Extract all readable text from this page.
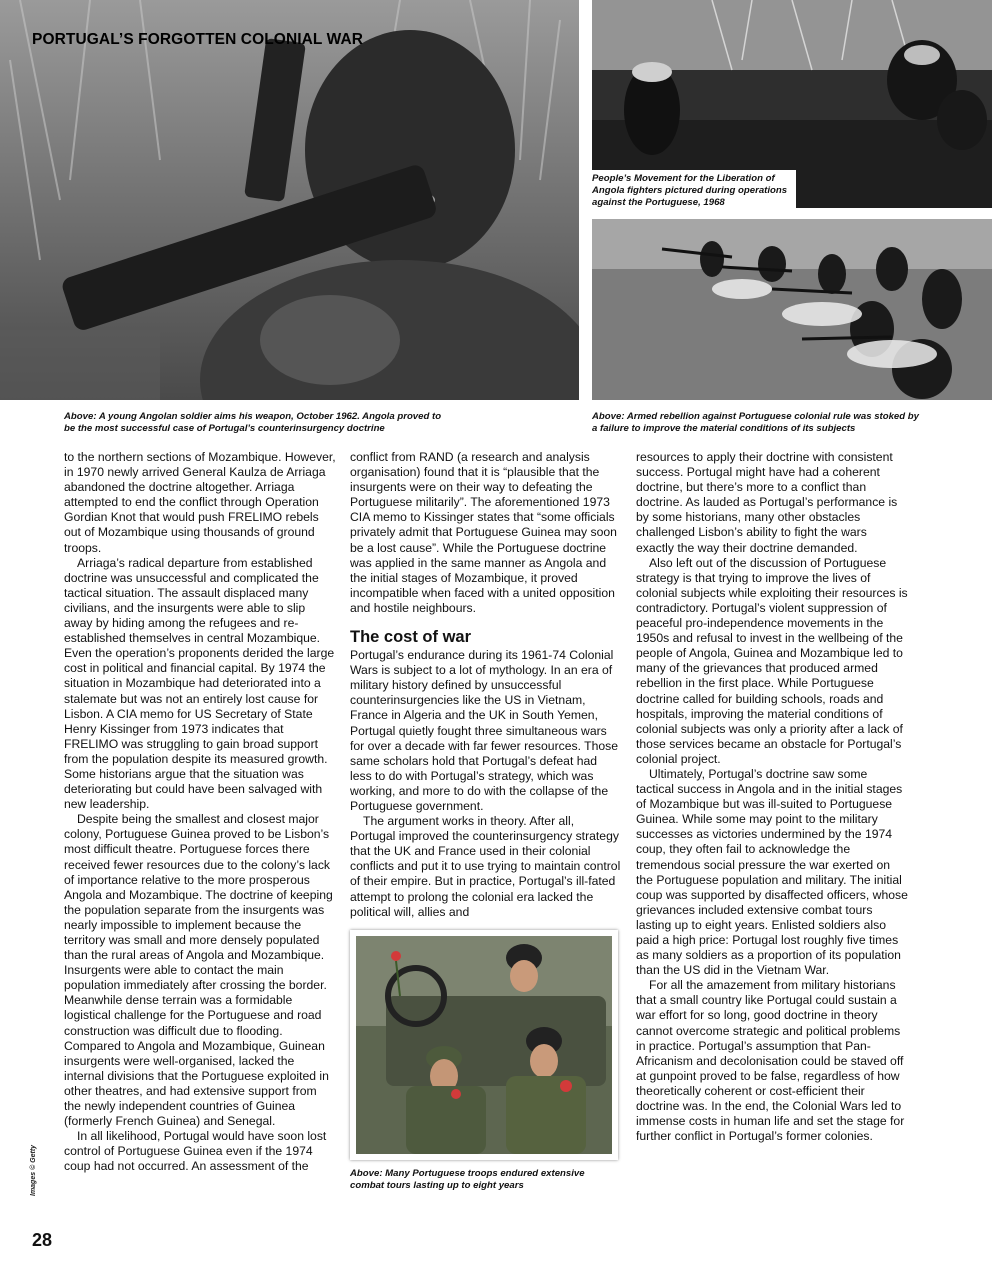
PORTUGAL’S FORGOTTEN COLONIAL WAR
People’s Movement for the Liberation of Angola fighters pictured during operations against the Portuguese, 1968
Above: A young Angolan soldier aims his weapon, October 1962. Angola proved to be the most successful case of Portugal’s counterinsurgency doctrine
Above: Armed rebellion against Portuguese colonial rule was stoked by a failure to improve the material conditions of its subjects

to the northern sections of Mozambique. However, in 1970 newly arrived General Kaulza de Arriaga abandoned the doctrine altogether. Arriaga attempted to end the conflict through Operation Gordian Knot that would push FRELIMO rebels out of Mozambique using thousands of ground troops.

Arriaga’s radical departure from established doctrine was unsuccessful and complicated the tactical situation. The assault displaced many civilians, and the insurgents were able to slip away by hiding among the refugees and re-established themselves in central Mozambique. Even the operation’s proponents derided the large cost in political and financial capital. By 1974 the situation in Mozambique had deteriorated into a stalemate but was not an entirely lost cause for Lisbon. A CIA memo for US Secretary of State Henry Kissinger from 1973 indicates that FRELIMO was struggling to gain broad support from the population despite its measured growth. Some historians argue that the situation was deteriorating but could have been salvaged with new leadership.

Despite being the smallest and closest major colony, Portuguese Guinea proved to be Lisbon’s most difficult theatre. Portuguese forces there received fewer resources due to the colony’s lack of importance relative to the more prosperous Angola and Mozambique. The doctrine of keeping the population separate from the insurgents was nearly impossible to implement because the territory was small and more densely populated than the rural areas of Angola and Mozambique. Insurgents were able to contact the main population immediately after crossing the border. Meanwhile dense terrain was a formidable logistical challenge for the Portuguese and road construction was difficult due to flooding. Compared to Angola and Mozambique, Guinean insurgents were well-organised, lacked the internal divisions that the Portuguese exploited in other theatres, and had extensive support from the newly independent countries of Guinea (formerly French Guinea) and Senegal.

In all likelihood, Portugal would have soon lost control of Portuguese Guinea even if the 1974 coup had not occurred. An assessment of the

conflict from RAND (a research and analysis organisation) found that it is “plausible that the insurgents were on their way to defeating the Portuguese militarily”. The aforementioned 1973 CIA memo to Kissinger states that “some officials privately admit that Portuguese Guinea may soon be a lost cause”. While the Portuguese doctrine was applied in the same manner as Angola and the initial stages of Mozambique, it proved incompatible when faced with a united opposition and hostile neighbours.

The cost of war

Portugal’s endurance during its 1961-74 Colonial Wars is subject to a lot of mythology. In an era of military history defined by unsuccessful counterinsurgencies like the US in Vietnam, France in Algeria and the UK in South Yemen, Portugal quietly fought three simultaneous wars for over a decade with far fewer resources. Those same scholars hold that Portugal’s defeat had less to do with Portugal’s strategy, which was working, and more to do with the collapse of the Portuguese government.

The argument works in theory. After all, Portugal improved the counterinsurgency strategy that the UK and France used in their colonial conflicts and put it to use trying to maintain control of their empire. But in practice, Portugal’s ill-fated attempt to prolong the colonial era lacked the political will, allies and

Above: Many Portuguese troops endured extensive combat tours lasting up to eight years

resources to apply their doctrine with consistent success. Portugal might have had a coherent doctrine, but there’s more to a conflict than doctrine. As lauded as Portugal’s performance is by some historians, many other obstacles challenged Lisbon’s ability to fight the wars exactly the way their doctrine demanded.

Also left out of the discussion of Portuguese strategy is that trying to improve the lives of colonial subjects while exploiting their resources is contradictory. Portugal’s violent suppression of peaceful pro-independence movements in the 1950s and refusal to invest in the wellbeing of the people of Angola, Guinea and Mozambique led to many of the grievances that produced armed rebellion in the first place. While Portuguese doctrine called for building schools, roads and hospitals, improving the material conditions of colonial subjects was only a priority after a lack of those services became an obstacle for Portugal’s colonial project.

Ultimately, Portugal’s doctrine saw some tactical success in Angola and in the initial stages of Mozambique but was ill-suited to Portuguese Guinea. While some may point to the military successes as victories undermined by the 1974 coup, they often fail to acknowledge the tremendous social pressure the war exerted on the Portuguese population and military. The initial coup was supported by disaffected officers, whose grievances included extensive combat tours lasting up to eight years. Enlisted soldiers also paid a high price: Portugal lost roughly five times as many soldiers as a proportion of its population than the US did in the Vietnam War.

For all the amazement from military historians that a small country like Portugal could sustain a war effort for so long, good doctrine in theory cannot overcome strategic and political problems in practice. Portugal’s assumption that Pan-Africanism and decolonisation could be staved off at gunpoint proved to be false, regardless of how theoretically coherent or cost-efficient their doctrine was. In the end, the Colonial Wars led to immense costs in human life and set the stage for further conflict in Portugal’s former colonies.

Images © Getty
28
